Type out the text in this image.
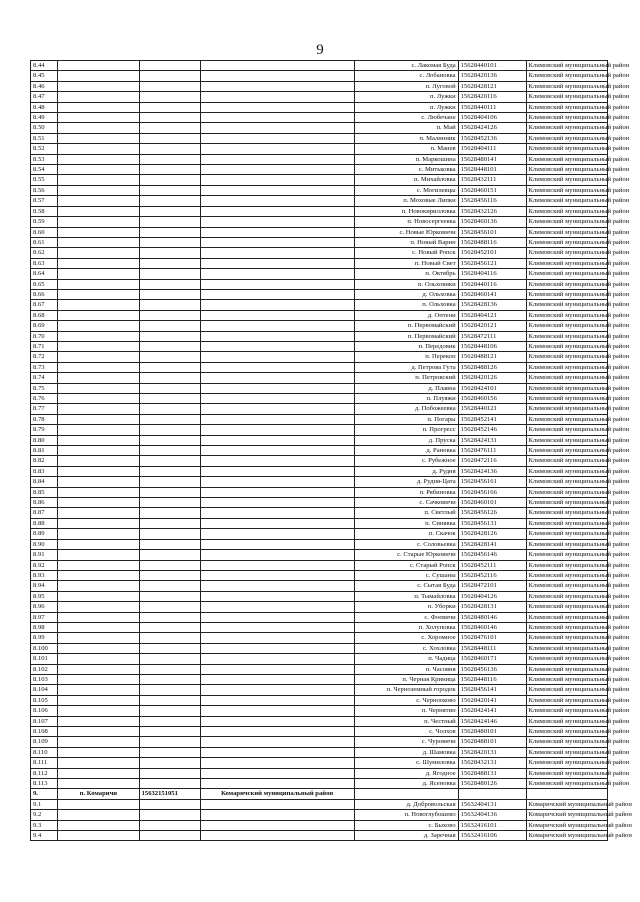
9
8.44				с. Лакомая Буда	15628440101	Климовский муниципальный район
8.45				с. Лобановка	15628420136	Климовский муниципальный район
8.46				п. Луговой	15628428121	Климовский муниципальный район
8.47				п. Лужки	15628420116	Климовский муниципальный район
8.48				п. Лужки	15628440111	Климовский муниципальный район
8.49				с. Любечане	15628404106	Климовский муниципальный район
8.50				п. Май	15628424126	Климовский муниципальный район
8.51				п. Малинник	15628452136	Климовский муниципальный район
8.52				п. Манев	15628404111	Климовский муниципальный район
8.53				п. Маркошина	15628480141	Климовский муниципальный район
8.54				с. Митьковка	15628448101	Климовский муниципальный район
8.55				п. Михайловка	15628432111	Климовский муниципальный район
8.56				с. Могилевцы	15628460151	Климовский муниципальный район
8.57				п. Моховые Липки	15628456116	Климовский муниципальный район
8.58				п. Новокирилловка	15628432126	Климовский муниципальный район
8.59				п. Новосергеевка	15628460136	Климовский муниципальный район
8.60				с. Новые Юрковичи	15628456101	Климовский муниципальный район
8.61				п. Новый Варин	15628488116	Климовский муниципальный район
8.62				с. Новый Ропск	15628452101	Климовский муниципальный район
8.63				п. Новый Свет	15628456121	Климовский муниципальный район
8.64				п. Октябрь	15628404116	Климовский муниципальный район
8.65				п. Ольховики	15628440116	Климовский муниципальный район
8.66				д. Ольховка	15628460141	Климовский муниципальный район
8.67				п. Ольховка	15628428136	Климовский муниципальный район
8.68				д. Оптени	15628404121	Климовский муниципальный район
8.69				п. Первомайский	15628420121	Климовский муниципальный район
8.70				п. Первомайский	15628472111	Климовский муниципальный район
8.71				п. Передовик	15628448106	Климовский муниципальный район
8.72				п. Перекоп	15628488121	Климовский муниципальный район
8.73				д. Петрова Гута	15628488126	Климовский муниципальный район
8.74				п. Петровский	15628420126	Климовский муниципальный район
8.75				д. Плавна	15628424101	Климовский муниципальный район
8.76				п. Плуяжи	15628460156	Климовский муниципальный район
8.77				д. Побожеевка	15628440121	Климовский муниципальный район
8.78				п. Погары	15628452141	Климовский муниципальный район
8.79				п. Прогресс	15628452146	Климовский муниципальный район
8.80				д. Пруска	15628424131	Климовский муниципальный район
8.81				д. Рановка	15628476111	Климовский муниципальный район
8.82				с. Рубежное	15628472116	Климовский муниципальный район
8.83				д. Рудня	15628424136	Климовский муниципальный район
8.84				д. Рудня-Цата	15628456161	Климовский муниципальный район
8.85				п. Рябиновка	15628456166	Климовский муниципальный район
8.86				с. Сачковичи	15628460101	Климовский муниципальный район
8.87				п. Светлый	15628456126	Климовский муниципальный район
8.88				п. Синявка	15628456131	Климовский муниципальный район
8.89				п. Скачок	15628428126	Климовский муниципальный район
8.90				с. Соловьевка	15628428141	Климовский муниципальный район
8.91				с. Старые Юрковичи	15628456146	Климовский муниципальный район
8.92				с. Старый Ропск	15628452111	Климовский муниципальный район
8.93				с. Сушаны	15628452116	Климовский муниципальный район
8.94				с. Сытая Буда	15628472101	Климовский муниципальный район
8.95				п. Тымайловка	15628404126	Климовский муниципальный район
8.96				п. Уборки	15628428131	Климовский муниципальный район
8.97				с. Фоевичи	15628480146	Климовский муниципальный район
8.98				п. Холуповка	15628460146	Климовский муниципальный район
8.99				с. Хоромное	15628476101	Климовский муниципальный район
8.100				с. Хохловка	15628448111	Климовский муниципальный район
8.101				п. Чадица	15628460171	Климовский муниципальный район
8.102				п. Часовня	15628456136	Климовский муниципальный район
8.103				п. Черная Криница	15628448116	Климовский муниципальный район
8.104				п. Черноземный городок	15628456141	Климовский муниципальный район
8.105				с. Чернооково	15628420141	Климовский муниципальный район
8.106				п. Чернятин	15628424141	Климовский муниципальный район
8.107				п. Честный	15628424146	Климовский муниципальный район
8.108				с. Чолхов	15628480101	Климовский муниципальный район
8.109				с. Чуровичи	15628488101	Климовский муниципальный район
8.110				д. Шамовка	15628420131	Климовский муниципальный район
8.111				с. Шумиловка	15628432131	Климовский муниципальный район
8.112				д. Ягодное	15628488131	Климовский муниципальный район
8.113				д. Ясеновка	15628480126	Климовский муниципальный район
9.	п. Комаричи	15632151051	Комаричский муниципальный район			
9.1				д. Добровольская	15632404131	Комаричский муниципальный район
9.2				п. Новоглубошево	15632404136	Комаричский муниципальный район
9.3				с. Быхово	15632416101	Комаричский муниципальный район
9.4				д. Заречная	15632416106	Комаричский муниципальный район
